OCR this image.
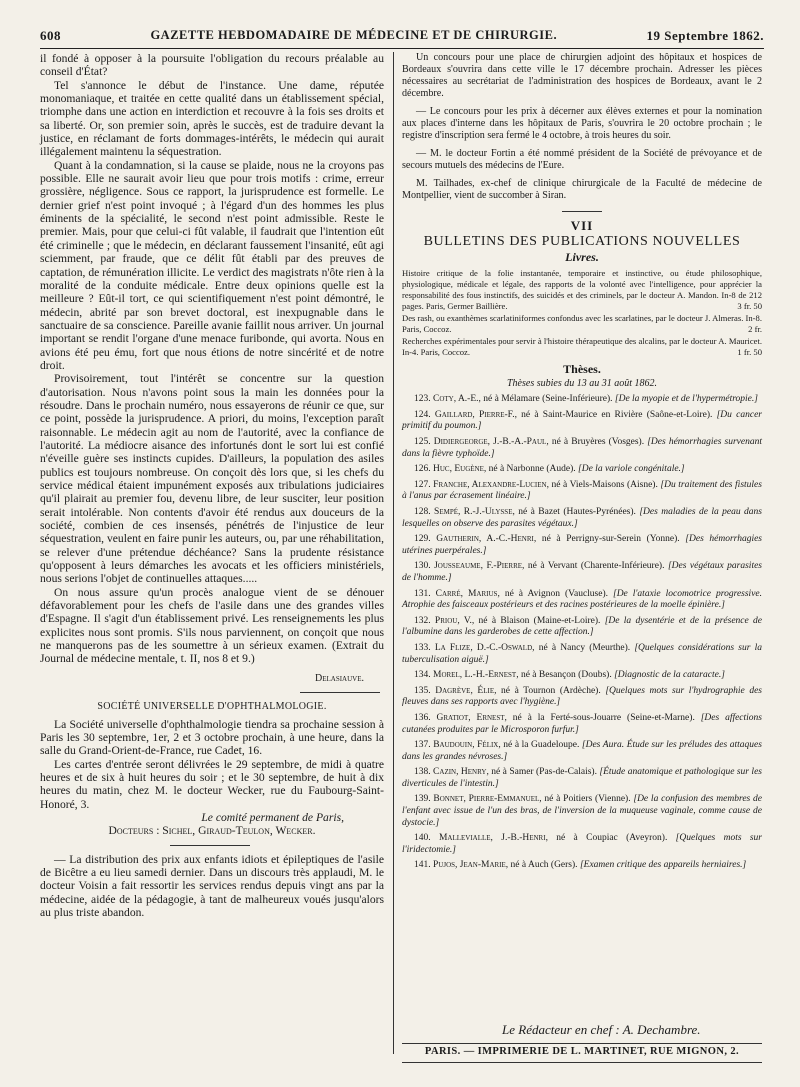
608	GAZETTE HEBDOMADAIRE DE MÉDECINE ET DE CHIRURGIE.	19 Septembre 1862.

il fondé à opposer à la poursuite l'obligation du recours préalable au conseil d'État?

Tel s'annonce le début de l'instance. Une dame, réputée monomaniaque, et traitée en cette qualité dans un établissement spécial, triomphe dans une action en interdiction et recouvre à la fois ses droits et sa liberté. Or, son premier soin, après le succès, est de traduire devant la justice, en réclamant de forts dommages-intérêts, le médecin qui aurait illégalement maintenu la séquestration.

Quant à la condamnation, si la cause se plaide, nous ne la croyons pas possible. Elle ne saurait avoir lieu que pour trois motifs : crime, erreur grossière, négligence. Sous ce rapport, la jurisprudence est formelle. Le dernier grief n'est point invoqué ; à l'égard d'un des hommes les plus éminents de la spécialité, le second n'est point admissible. Reste le premier. Mais, pour que celui-ci fût valable, il faudrait que l'intention eût été criminelle ; que le médecin, en déclarant faussement l'insanité, eût agi sciemment, par fraude, que ce délit fût établi par des preuves de captation, de rémunération illicite. Le verdict des magistrats n'ôte rien à la moralité de la conduite médicale. Entre deux opinions quelle est la meilleure ? Eût-il tort, ce qui scientifiquement n'est point démontré, le médecin, abrité par son brevet doctoral, est inexpugnable dans le sanctuaire de sa conscience. Pareille avanie faillit nous arriver. Un journal important se rendit l'organe d'une menace furibonde, qui avorta. Nous en avions été peu ému, fort que nous étions de notre sincérité et de notre droit.

Provisoirement, tout l'intérêt se concentre sur la question d'autorisation. Nous n'avons point sous la main les données pour la résoudre. Dans le prochain numéro, nous essayerons de réunir ce que, sur ce point, possède la jurisprudence. A priori, du moins, l'exception paraît raisonnable. Le médecin agit au nom de l'autorité, avec la confiance de l'autorité. La médiocre aisance des infortunés dont le sort lui est confié n'éveille guère ses instincts cupides. D'ailleurs, la population des asiles publics est toujours nombreuse. On conçoit dès lors que, si les chefs du service médical étaient impunément exposés aux tribulations judiciaires qu'il plairait au premier fou, devenu libre, de leur susciter, leur position serait intolérable. Non contents d'avoir été rendus aux douceurs de la société, combien de ces insensés, pénétrés de l'injustice de leur séquestration, veulent en faire punir les auteurs, ou, par une réhabilitation, se relever d'une prétendue déchéance? Sans la prudente résistance qu'opposent à leurs démarches les avocats et les officiers ministériels, nous serions l'objet de continuelles attaques.....

On nous assure qu'un procès analogue vient de se dénouer défavorablement pour les chefs de l'asile dans une des grandes villes d'Espagne. Il s'agit d'un établissement privé. Les renseignements les plus explicites nous sont promis. S'ils nous parviennent, on conçoit que nous ne manquerons pas de les soumettre à un sérieux examen. (Extrait du Journal de médecine mentale, t. II, nos 8 et 9.)

Delasiauve.

SOCIÉTÉ UNIVERSELLE D'OPHTHALMOLOGIE.

La Société universelle d'ophthalmologie tiendra sa prochaine session à Paris les 30 septembre, 1er, 2 et 3 octobre prochain, à une heure, dans la salle du Grand-Orient-de-France, rue Cadet, 16.

Les cartes d'entrée seront délivrées le 29 septembre, de midi à quatre heures et de six à huit heures du soir ; et le 30 septembre, de huit à dix heures du matin, chez M. le docteur Wecker, rue du Faubourg-Saint-Honoré, 3.

Le comité permanent de Paris,

Docteurs : Sichel, Giraud-Teulon, Wecker.

— La distribution des prix aux enfants idiots et épileptiques de l'asile de Bicêtre a eu lieu samedi dernier. Dans un discours très applaudi, M. le docteur Voisin a fait ressortir les services rendus depuis vingt ans par la médecine, aidée de la pédagogie, à tant de malheureux voués jusqu'alors au plus triste abandon.

Un concours pour une place de chirurgien adjoint des hôpitaux et hospices de Bordeaux s'ouvrira dans cette ville le 17 décembre prochain. Adresser les pièces nécessaires au secrétariat de l'administration des hospices de Bordeaux, avant le 2 décembre.

— Le concours pour les prix à décerner aux élèves externes et pour la nomination aux places d'interne dans les hôpitaux de Paris, s'ouvrira le 20 octobre prochain ; le registre d'inscription sera fermé le 4 octobre, à trois heures du soir.

— M. le docteur Fortin a été nommé président de la Société de prévoyance et de secours mutuels des médecins de l'Eure.

M. Tailhades, ex-chef de clinique chirurgicale de la Faculté de médecine de Montpellier, vient de succomber à Siran.

VII
BULLETINS DES PUBLICATIONS NOUVELLES
Livres.

Histoire critique de la folie instantanée, temporaire et instinctive, ou étude philosophique, physiologique, médicale et légale, des rapports de la volonté avec l'intelligence, pour apprécier la responsabilité des fous instinctifs, des suicidés et des criminels, par le docteur A. Mandon. In-8 de 212 pages. Paris, Germer Baillière.	3 fr. 50

Des rash, ou exanthèmes scarlatiniformes confondus avec les scarlatines, par le docteur J. Almeras. In-8. Paris, Coccoz.	2 fr.

Recherches expérimentales pour servir à l'histoire thérapeutique des alcalins, par le docteur A. Mauricet. In-4. Paris, Coccoz.	1 fr. 50

Thèses.
Thèses subies du 13 au 31 août 1862.

123. Coty, A.-E., né à Mélamare (Seine-Inférieure). [De la myopie et de l'hypermétropie.]

124. Gaillard, Pierre-F., né à Saint-Maurice en Rivière (Saône-et-Loire). [Du cancer primitif du poumon.]

125. Didiergeorge, J.-B.-A.-Paul, né à Bruyères (Vosges). [Des hémorrhagies survenant dans la fièvre typhoïde.]

126. Huc, Eugène, né à Narbonne (Aude). [De la variole congénitale.]

127. Franche, Alexandre-Lucien, né à Viels-Maisons (Aisne). [Du traitement des fistules à l'anus par écrasement linéaire.]

128. Sempé, R.-J.-Ulysse, né à Bazet (Hautes-Pyrénées). [Des maladies de la peau dans lesquelles on observe des parasites végétaux.]

129. Gautherin, A.-C.-Henri, né à Perrigny-sur-Serein (Yonne). [Des hémorrhagies utérines puerpérales.]

130. Jousseaume, F.-Pierre, né à Vervant (Charente-Inférieure). [Des végétaux parasites de l'homme.]

131. Carré, Marius, né à Avignon (Vaucluse). [De l'ataxie locomotrice progressive. Atrophie des faisceaux postérieurs et des racines postérieures de la moelle épinière.]

132. Priou, V., né à Blaison (Maine-et-Loire). [De la dysentérie et de la présence de l'albumine dans les garderobes de cette affection.]

133. La Flize, D.-C.-Oswald, né à Nancy (Meurthe). [Quelques considérations sur la tuberculisation aiguë.]

134. Morel, L.-H.-Ernest, né à Besançon (Doubs). [Diagnostic de la cataracte.]

135. Dagrève, Élie, né à Tournon (Ardèche). [Quelques mots sur l'hydrographie des fleuves dans ses rapports avec l'hygiène.]

136. Gratiot, Ernest, né à la Ferté-sous-Jouarre (Seine-et-Marne). [Des affections cutanées produites par le Microsporon furfur.]

137. Baudouin, Félix, né à la Guadeloupe. [Des Aura. Étude sur les préludes des attaques dans les grandes névroses.]

138. Cazin, Henry, né à Samer (Pas-de-Calais). [Étude anatomique et pathologique sur les diverticules de l'intestin.]

139. Bonnet, Pierre-Emmanuel, né à Poitiers (Vienne). [De la confusion des membres de l'enfant avec issue de l'un des bras, de l'inversion de la muqueuse vaginale, comme cause de dystocie.]

140. Mallevialle, J.-B.-Henri, né à Coupiac (Aveyron). [Quelques mots sur l'iridectomie.]

141. Pujos, Jean-Marie, né à Auch (Gers). [Examen critique des appareils herniaires.]

Le Rédacteur en chef : A. Dechambre.
PARIS. — IMPRIMERIE DE L. MARTINET, RUE MIGNON, 2.
